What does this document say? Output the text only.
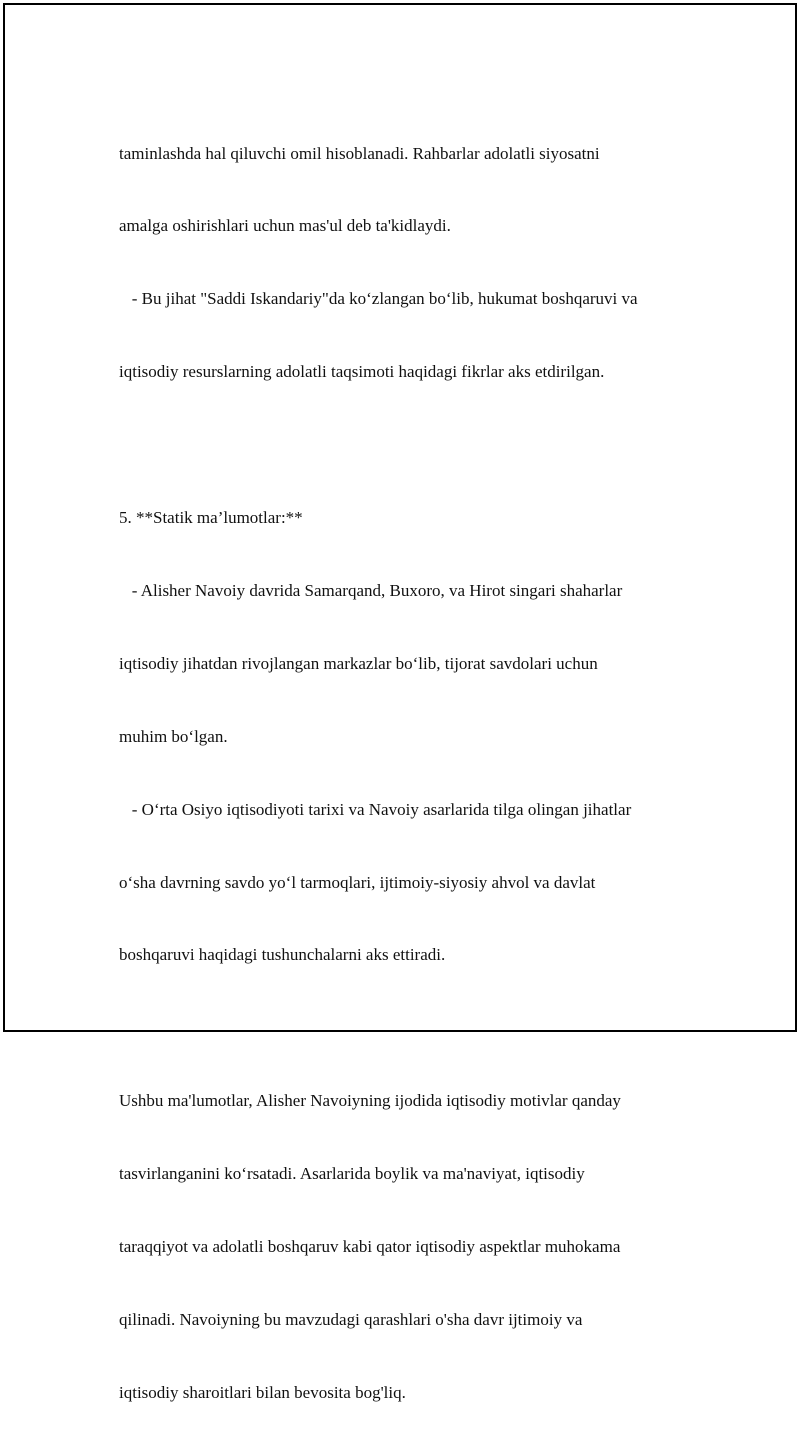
taminlashda hal qiluvchi omil hisoblanadi. Rahbarlar adolatli siyosatni

amalga oshirishlari uchun mas'ul deb ta'kidlaydi.

- Bu jihat "Saddi Iskandariy"da ko‘zlangan bo‘lib, hukumat boshqaruvi va

iqtisodiy resurslarning adolatli taqsimoti haqidagi fikrlar aks etdirilgan.

5. **Statik ma’lumotlar:**

- Alisher Navoiy davrida Samarqand, Buxoro, va Hirot singari shaharlar

iqtisodiy jihatdan rivojlangan markazlar bo‘lib, tijorat savdolari uchun

muhim bo‘lgan.

- O‘rta Osiyo iqtisodiyoti tarixi va Navoiy asarlarida tilga olingan jihatlar

o‘sha davrning savdo yo‘l tarmoqlari, ijtimoiy-siyosiy ahvol va davlat

boshqaruvi haqidagi tushunchalarni aks ettiradi.

Ushbu ma'lumotlar, Alisher Navoiyning ijodida iqtisodiy motivlar qanday

tasvirlanganini ko‘rsatadi. Asarlarida boylik va ma'naviyat, iqtisodiy

taraqqiyot va adolatli boshqaruv kabi qator iqtisodiy aspektlar muhokama

qilinadi. Navoiyning bu mavzudagi qarashlari o'sha davr ijtimoiy va

iqtisodiy sharoitlari bilan bevosita bog'liq.
